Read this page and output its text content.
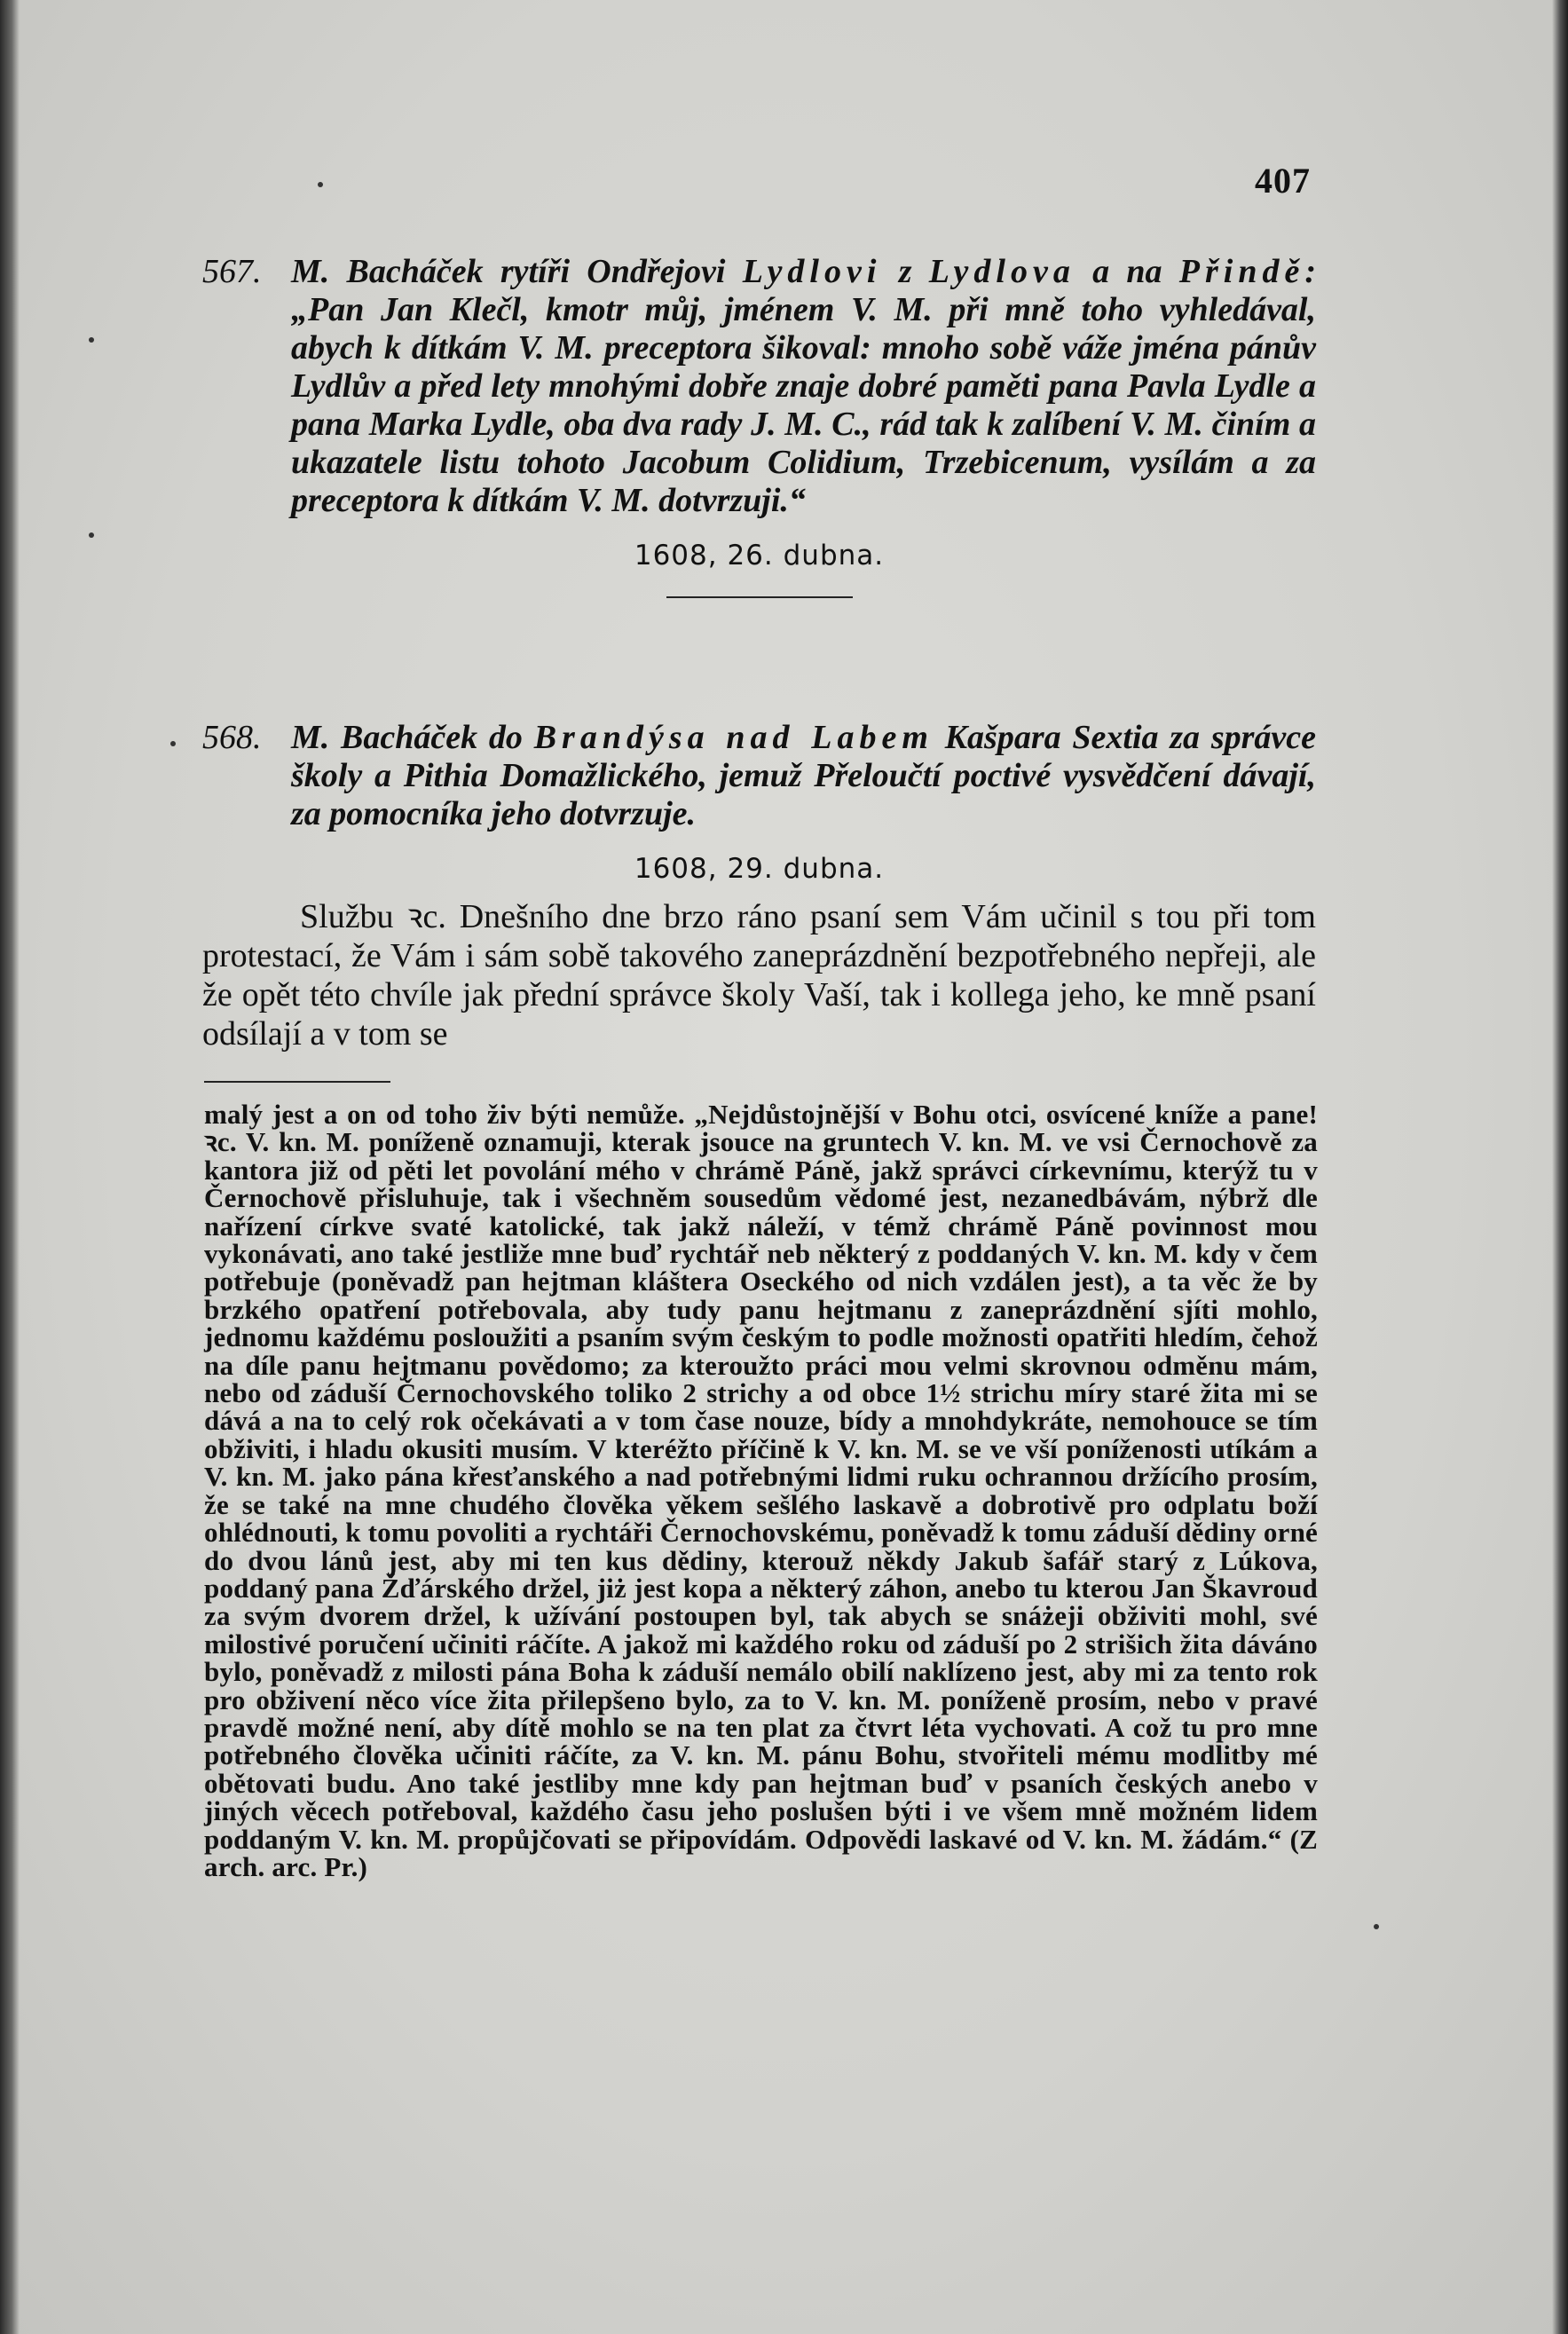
407
567. M. Bacháček rytíři Ondřejovi Lydlovi z Lydlova a na Přindě: „Pan Jan Klečl, kmotr můj, jménem V. M. při mně toho vyhledával, abych k dítkám V. M. preceptora šikoval: mnoho sobě váže jména pánův Lydlův a před lety mnohými dobře znaje dobré paměti pana Pavla Lydle a pana Marka Lydle, oba dva rady J. M. C., rád tak k zalíbení V. M. činím a ukazatele listu tohoto Jacobum Colidium, Trzebicenum, vysílám a za preceptora k dítkám V. M. dotvrzuji.“
1608, 26. dubna.
568. M. Bacháček do Brandýsa nad Labem Kašpara Sextia za správce školy a Pithia Domažlického, jemuž Přeloučtí poctivé vysvědčení dávají, za pomocníka jeho dotvrzuje.
1608, 29. dubna.
Službu ꝛc. Dnešního dne brzo ráno psaní sem Vám učinil s tou při tom protestací, že Vám i sám sobě takového zaneprázdnění bezpotřebného nepřeji, ale že opět této chvíle jak přední správce školy Vaší, tak i kollega jeho, ke mně psaní odsílají a v tom se
malý jest a on od toho živ býti nemůže. „Nejdůstojnější v Bohu otci, osvícené kníže a pane! ꝛc. V. kn. M. poníženě oznamuji, kterak jsouce na gruntech V. kn. M. ve vsi Černochově za kantora již od pěti let povolání mého v chrámě Páně, jakž správci církevnímu, kterýž tu v Černochově přisluhuje, tak i všechněm sousedům vědomé jest, nezanedbávám, nýbrž dle nařízení církve svaté katolické, tak jakž náleží, v témž chrámě Páně povinnost mou vykonávati, ano také jestliže mne buď rychtář neb některý z poddaných V. kn. M. kdy v čem potřebuje (poněvadž pan hejtman kláštera Oseckého od nich vzdálen jest), a ta věc že by brzkého opatření potřebovala, aby tudy panu hejtmanu z zaneprázdnění sjíti mohlo, jednomu každému posloužiti a psaním svým českým to podle možnosti opatřiti hledím, čehož na díle panu hejtmanu povědomo; za kteroužto práci mou velmi skrovnou odměnu mám, nebo od záduší Černochovského toliko 2 strichy a od obce 1½ strichu míry staré žita mi se dává a na to celý rok očekávati a v tom čase nouze, bídy a mnohdykráte, nemohouce se tím obživiti, i hladu okusiti musím. V kteréžto příčině k V. kn. M. se ve vší poníženosti utíkám a V. kn. M. jako pána křesťanského a nad potřebnými lidmi ruku ochrannou držícího prosím, že se také na mne chudého člověka věkem sešlého laskavě a dobrotivě pro odplatu boží ohlédnouti, k tomu povoliti a rychtáři Černochovskému, poněvadž k tomu záduší dědiny orné do dvou lánů jest, aby mi ten kus dědiny, kterouž někdy Jakub šafář starý z Lúkova, poddaný pana Žďárského držel, jiż jest kopa a některý záhon, anebo tu kterou Jan Škavroud za svým dvorem držel, k užívání postoupen byl, tak abych se snáżeji obživiti mohl, své milostivé poručení učiniti ráčíte. A jakož mi každého roku od záduší po 2 strišich žita dáváno bylo, poněvadž z milosti pána Boha k záduší nemálo obilí naklízeno jest, aby mi za tento rok pro obživení něco více žita přilepšeno bylo, za to V. kn. M. poníženě prosím, nebo v pravé pravdě možné není, aby dítě mohlo se na ten plat za čtvrt léta vychovati. A což tu pro mne potřebného člověka učiniti ráčíte, za V. kn. M. pánu Bohu, stvořiteli mému modlitby mé obětovati budu. Ano také jestliby mne kdy pan hejtman buď v psaních českých anebo v jiných věcech potřeboval, každého času jeho poslušen býti i ve všem mně možném lidem poddaným V. kn. M. propůjčovati se připovídám. Odpovědi laskavé od V. kn. M. žádám.“ (Z arch. arc. Pr.)
